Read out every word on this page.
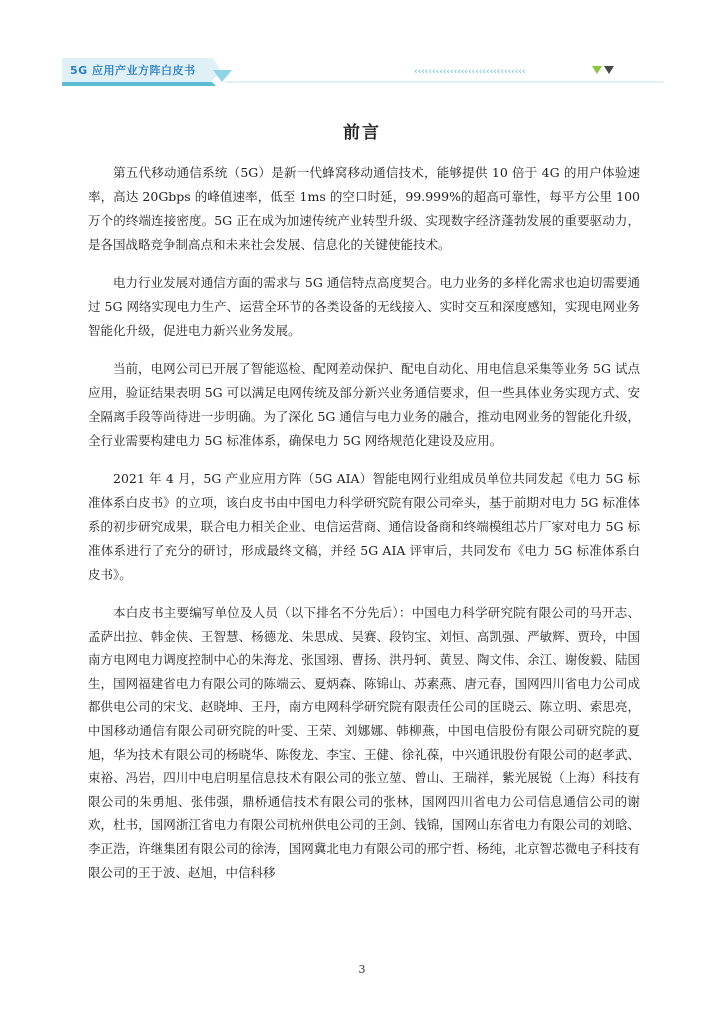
5G 应用产业方阵白皮书	‹‹‹‹‹‹‹‹‹‹‹‹‹‹‹‹‹‹‹‹‹‹‹‹‹‹‹‹‹‹‹
前言

第五代移动通信系统（5G）是新一代蜂窝移动通信技术，能够提供 10 倍于 4G 的用户体验速率，高达 20Gbps 的峰值速率，低至 1ms 的空口时延，99.999%的超高可靠性，每平方公里 100 万个的终端连接密度。5G 正在成为加速传统产业转型升级、实现数字经济蓬勃发展的重要驱动力，是各国战略竞争制高点和未来社会发展、信息化的关键使能技术。

电力行业发展对通信方面的需求与 5G 通信特点高度契合。电力业务的多样化需求也迫切需要通过 5G 网络实现电力生产、运营全环节的各类设备的无线接入、实时交互和深度感知，实现电网业务智能化升级，促进电力新兴业务发展。

当前，电网公司已开展了智能巡检、配网差动保护、配电自动化、用电信息采集等业务 5G 试点应用，验证结果表明 5G 可以满足电网传统及部分新兴业务通信要求，但一些具体业务实现方式、安全隔离手段等尚待进一步明确。为了深化 5G 通信与电力业务的融合，推动电网业务的智能化升级，全行业需要构建电力 5G 标准体系，确保电力 5G 网络规范化建设及应用。

2021 年 4 月，5G 产业应用方阵（5G AIA）智能电网行业组成员单位共同发起《电力 5G 标准体系白皮书》的立项，该白皮书由中国电力科学研究院有限公司牵头，基于前期对电力 5G 标准体系的初步研究成果，联合电力相关企业、电信运营商、通信设备商和终端模组芯片厂家对电力 5G 标准体系进行了充分的研讨，形成最终文稿，并经 5G AIA 评审后，共同发布《电力 5G 标准体系白皮书》。

本白皮书主要编写单位及人员（以下排名不分先后）：中国电力科学研究院有限公司的马开志、孟萨出拉、韩金侠、王智慧、杨德龙、朱思成、吴赛、段钧宝、刘恒、高凯强、严敏辉、贾玲，中国南方电网电力调度控制中心的朱海龙、张国翊、曹扬、洪丹轲、黄昱、陶文伟、余江、谢俊毅、陆国生，国网福建省电力有限公司的陈端云、夏炳森、陈锦山、苏素燕、唐元春，国网四川省电力公司成都供电公司的宋戈、赵晓坤、王丹，南方电网科学研究院有限责任公司的匡晓云、陈立明、索思亮，中国移动通信有限公司研究院的叶雯、王荣、刘娜娜、韩柳燕，中国电信股份有限公司研究院的夏旭，华为技术有限公司的杨晓华、陈俊龙、李宝、王健、徐礼葆，中兴通讯股份有限公司的赵孝武、束裕、冯岩，四川中电启明星信息技术有限公司的张立堃、曾山、王瑞祥，紫光展锐（上海）科技有限公司的朱勇旭、张伟强，鼎桥通信技术有限公司的张林，国网四川省电力公司信息通信公司的谢欢，杜书，国网浙江省电力有限公司杭州供电公司的王剑、钱锦，国网山东省电力有限公司的刘晗、李正浩，许继集团有限公司的徐涛，国网冀北电力有限公司的邢宁哲、杨纯，北京智芯微电子科技有限公司的王于波、赵旭，中信科移

3
